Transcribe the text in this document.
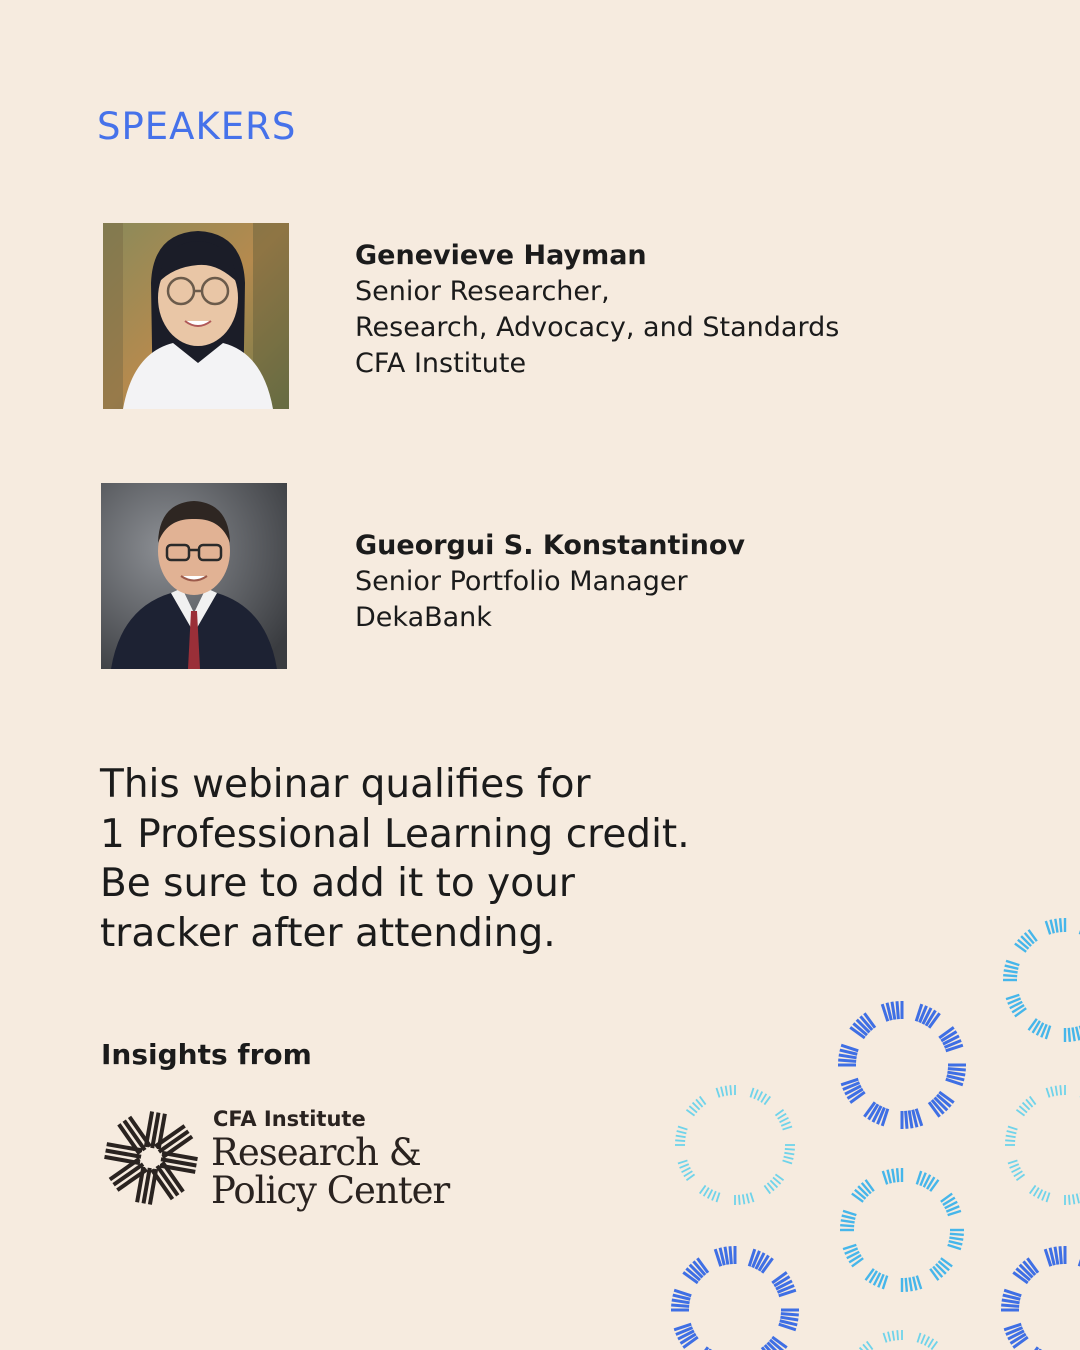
SPEAKERS
Genevieve Hayman
Senior Researcher,
Research, Advocacy, and Standards
CFA Institute
Gueorgui S. Konstantinov
Senior Portfolio Manager
DekaBank
This webinar qualifies for
1 Professional Learning credit.
Be sure to add it to your
tracker after attending.
Insights from
CFA Institute
Research &
Policy Center
